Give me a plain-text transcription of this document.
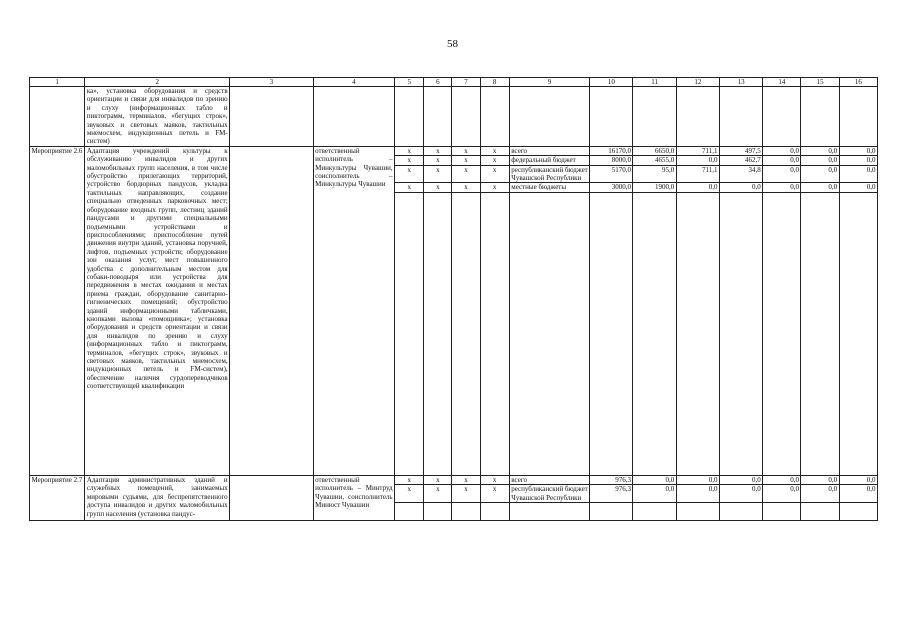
58
1	2	3	4	5	6	7	8	9	10	11	12	13	14	15	16
	ка», установка оборудования и средств ориентации и связи для инвалидов по зрению и слуху (информационных табло и пиктограмм, терминалов, «бегущих строк», звуковых и световых маяков, тактильных мнемосхем, индукционных петель и FM-систем)														
Мероприятие 2.6	Адаптация учреждений культуры к обслуживанию инвалидов и других маломобильных групп населения, в том числе обустройство прилегающих территорий, устройство бордюрных пандусов, укладка тактильных направляющих, создание специально отведенных парковочных мест; оборудование входных групп, лестниц зданий пандусами и другими специальными подъемными устройствами и приспособлениями; приспособление путей движения внутри зданий, установка поручней, лифтов, подъемных устройств; оборудование зон оказания услуг, мест повышенного удобства с дополнительным местом для собаки-поводыря или устройства для передвижения в местах ожидания и местах приема граждан, оборудование санитарно-гигиенических помещений; обустройство зданий информационными табличками, кнопками вызова «помощника»; установка оборудования и средств ориентации и связи для инвалидов по зрению и слуху (информационных табло и пиктограмм, терминалов, «бегущих строк», звуковых и световых маяков, тактильных мнемосхем, индукционных петель и FM-систем), обеспечение наличия сурдопереводчиков соответствующей квалификации		ответственный исполнитель – Минкультуры Чувашии, соисполнитель – Минкультуры Чувашии	х	х	х	х	всего	16170,0	6650,0	711,1	497,5	0,0	0,0	0,0
				х	х	х	х	федеральный бюджет	8000,0	4655,0	0,0	462,7	0,0	0,0	0,0
				х	х	х	х	республиканский бюджет Чувашской Республики	5170,0	95,0	711,1	34,8	0,0	0,0	0,0
				х	х	х	х	местные бюджеты	3000,0	1900,0	0,0	0,0	0,0	0,0	0,0

Мероприятие 2.7	Адаптация административных зданий и служебных помещений, занимаемых мировыми судьями, для беспрепятственного доступа инвалидов и других маломобильных групп населения (установка пандус-		ответственный исполнитель – Минтруд Чувашии, соисполнитель Минюст Чувашии	х	х	х	х	всего	976,3	0,0	0,0	0,0	0,0	0,0	0,0
				х	х	х	х	республиканский бюджет Чувашской Республики	976,3	0,0	0,0	0,0	0,0	0,0	0,0
